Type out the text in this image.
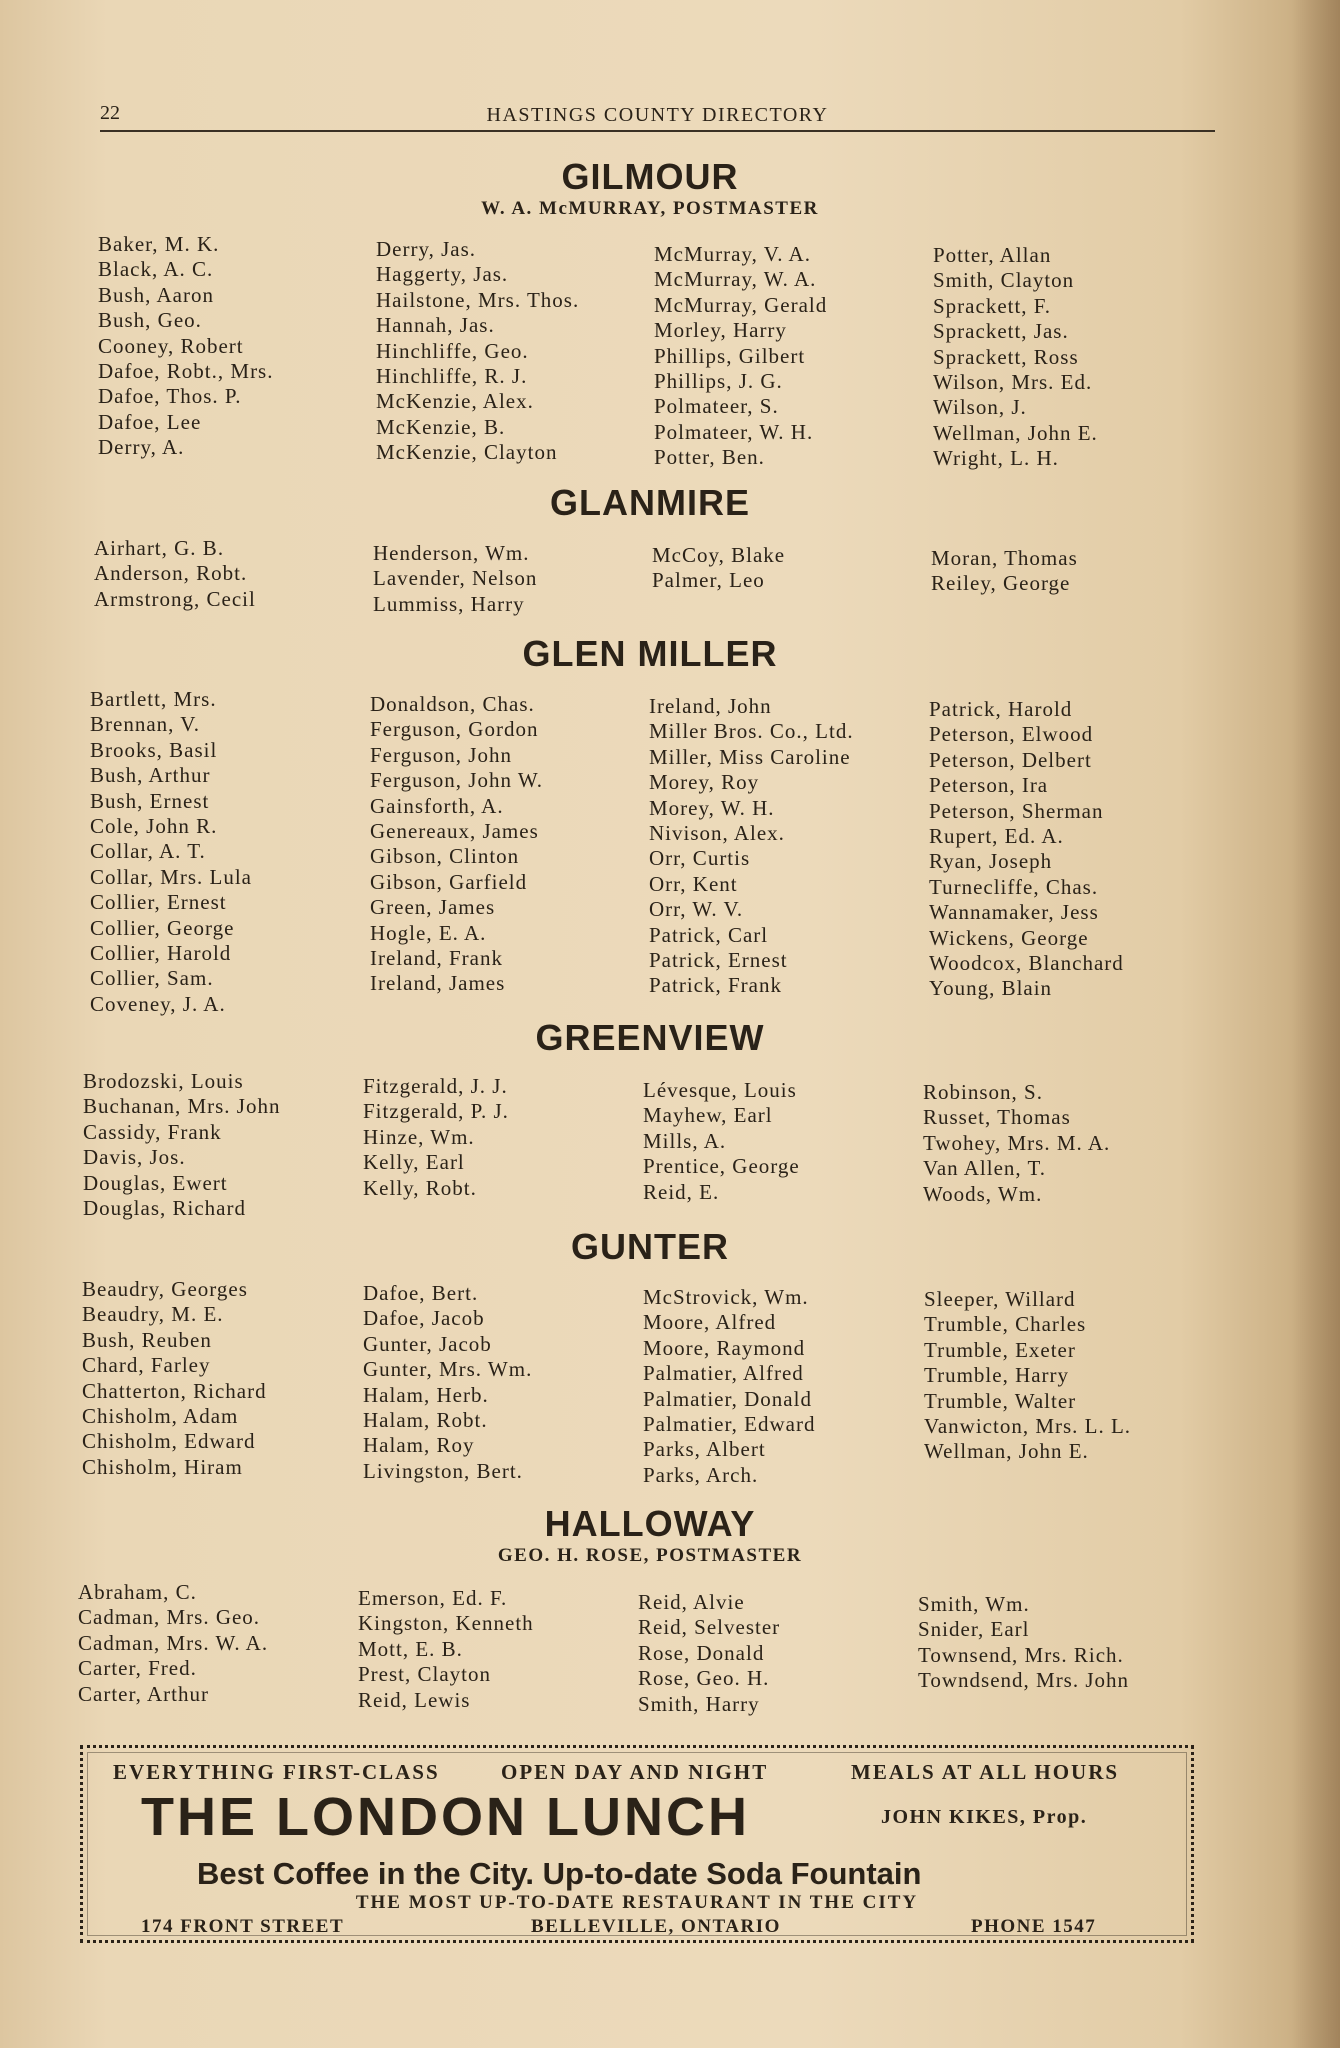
22	HASTINGS COUNTY DIRECTORY
GILMOUR
W. A. McMURRAY, POSTMASTER
Baker, M. K.
Black, A. C.
Bush, Aaron
Bush, Geo.
Cooney, Robert
Dafoe, Robt., Mrs.
Dafoe, Thos. P.
Dafoe, Lee
Derry, A.
Derry, Jas.
Haggerty, Jas.
Hailstone, Mrs. Thos.
Hannah, Jas.
Hinchliffe, Geo.
Hinchliffe, R. J.
McKenzie, Alex.
McKenzie, B.
McKenzie, Clayton
McMurray, V. A.
McMurray, W. A.
McMurray, Gerald
Morley, Harry
Phillips, Gilbert
Phillips, J. G.
Polmateer, S.
Polmateer, W. H.
Potter, Ben.
Potter, Allan
Smith, Clayton
Sprackett, F.
Sprackett, Jas.
Sprackett, Ross
Wilson, Mrs. Ed.
Wilson, J.
Wellman, John E.
Wright, L. H.
GLANMIRE
Airhart, G. B.
Anderson, Robt.
Armstrong, Cecil
Henderson, Wm.
Lavender, Nelson
Lummiss, Harry
McCoy, Blake
Palmer, Leo
Moran, Thomas
Reiley, George
GLEN MILLER
Bartlett, Mrs.
Brennan, V.
Brooks, Basil
Bush, Arthur
Bush, Ernest
Cole, John R.
Collar, A. T.
Collar, Mrs. Lula
Collier, Ernest
Collier, George
Collier, Harold
Collier, Sam.
Coveney, J. A.
Donaldson, Chas.
Ferguson, Gordon
Ferguson, John
Ferguson, John W.
Gainsforth, A.
Genereaux, James
Gibson, Clinton
Gibson, Garfield
Green, James
Hogle, E. A.
Ireland, Frank
Ireland, James
Ireland, John
Miller Bros. Co., Ltd.
Miller, Miss Caroline
Morey, Roy
Morey, W. H.
Nivison, Alex.
Orr, Curtis
Orr, Kent
Orr, W. V.
Patrick, Carl
Patrick, Ernest
Patrick, Frank
Patrick, Harold
Peterson, Elwood
Peterson, Delbert
Peterson, Ira
Peterson, Sherman
Rupert, Ed. A.
Ryan, Joseph
Turnecliffe, Chas.
Wannamaker, Jess
Wickens, George
Woodcox, Blanchard
Young, Blain
GREENVIEW
Brodozski, Louis
Buchanan, Mrs. John
Cassidy, Frank
Davis, Jos.
Douglas, Ewert
Douglas, Richard
Fitzgerald, J. J.
Fitzgerald, P. J.
Hinze, Wm.
Kelly, Earl
Kelly, Robt.
Lévesque, Louis
Mayhew, Earl
Mills, A.
Prentice, George
Reid, E.
Robinson, S.
Russet, Thomas
Twohey, Mrs. M. A.
Van Allen, T.
Woods, Wm.
GUNTER
Beaudry, Georges
Beaudry, M. E.
Bush, Reuben
Chard, Farley
Chatterton, Richard
Chisholm, Adam
Chisholm, Edward
Chisholm, Hiram
Dafoe, Bert.
Dafoe, Jacob
Gunter, Jacob
Gunter, Mrs. Wm.
Halam, Herb.
Halam, Robt.
Halam, Roy
Livingston, Bert.
McStrovick, Wm.
Moore, Alfred
Moore, Raymond
Palmatier, Alfred
Palmatier, Donald
Palmatier, Edward
Parks, Albert
Parks, Arch.
Sleeper, Willard
Trumble, Charles
Trumble, Exeter
Trumble, Harry
Trumble, Walter
Vanwicton, Mrs. L. L.
Wellman, John E.
HALLOWAY
GEO. H. ROSE, POSTMASTER
Abraham, C.
Cadman, Mrs. Geo.
Cadman, Mrs. W. A.
Carter, Fred.
Carter, Arthur
Emerson, Ed. F.
Kingston, Kenneth
Mott, E. B.
Prest, Clayton
Reid, Lewis
Reid, Alvie
Reid, Selvester
Rose, Donald
Rose, Geo. H.
Smith, Harry
Smith, Wm.
Snider, Earl
Townsend, Mrs. Rich.
Towndsend, Mrs. John
EVERYTHING FIRST-CLASS	OPEN DAY AND NIGHT	MEALS AT ALL HOURS
THE LONDON LUNCH	JOHN KIKES, Prop.
Best Coffee in the City. Up-to-date Soda Fountain
THE MOST UP-TO-DATE RESTAURANT IN THE CITY
174 FRONT STREET	BELLEVILLE, ONTARIO	PHONE 1547
